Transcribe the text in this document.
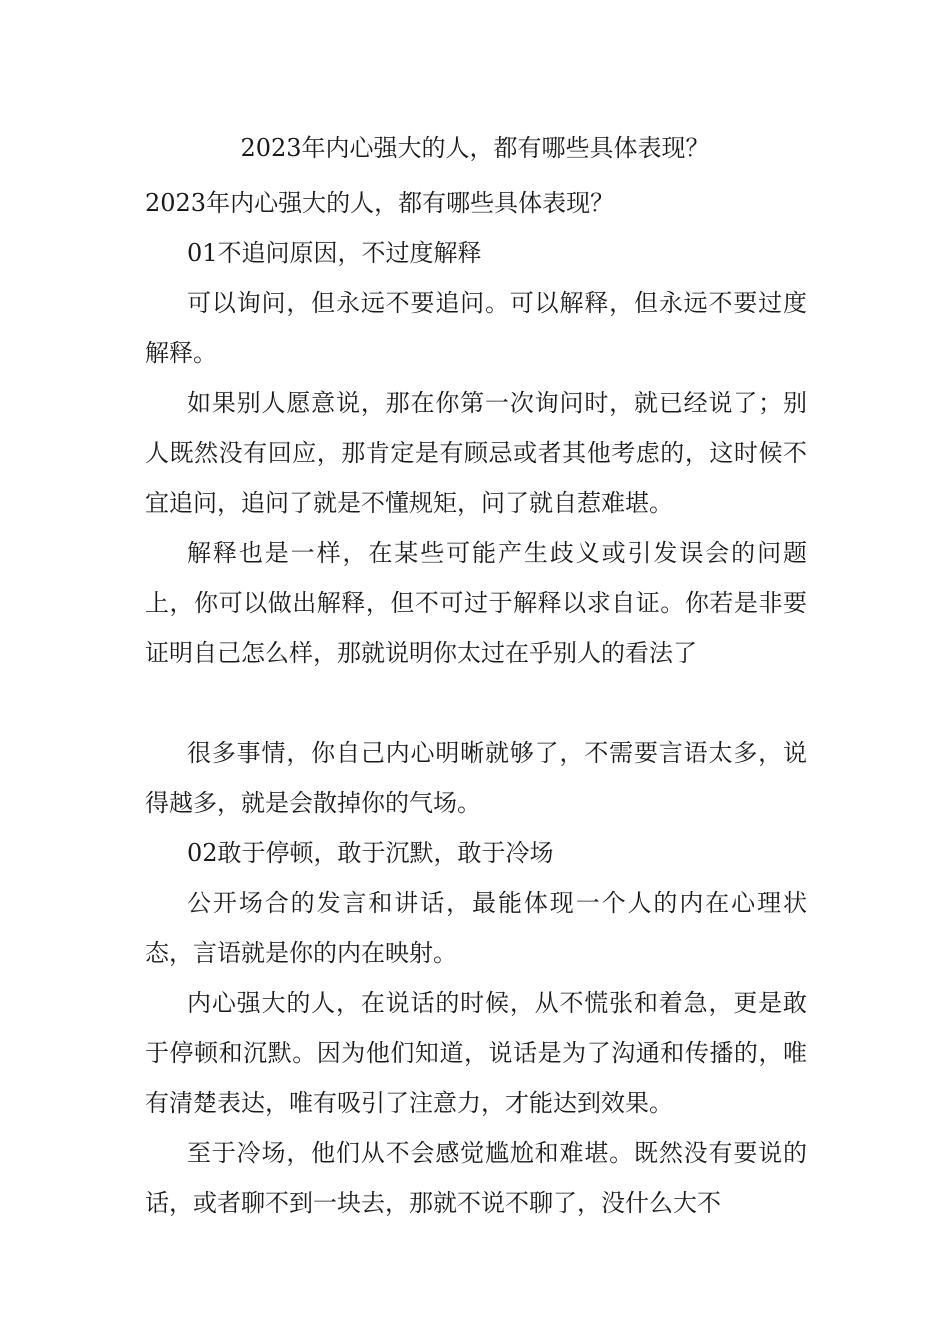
2023年内心强大的人，都有哪些具体表现？

2023年内心强大的人，都有哪些具体表现？

01不追问原因，不过度解释

可以询问，但永远不要追问。可以解释，但永远不要过度解释。

如果别人愿意说，那在你第一次询问时，就已经说了；别人既然没有回应，那肯定是有顾忌或者其他考虑的，这时候不宜追问，追问了就是不懂规矩，问了就自惹难堪。

解释也是一样，在某些可能产生歧义或引发误会的问题上，你可以做出解释，但不可过于解释以求自证。你若是非要证明自己怎么样，那就说明你太过在乎别人的看法了

很多事情，你自己内心明晰就够了，不需要言语太多，说得越多，就是会散掉你的气场。

02敢于停顿，敢于沉默，敢于冷场

公开场合的发言和讲话，最能体现一个人的内在心理状态，言语就是你的内在映射。

内心强大的人，在说话的时候，从不慌张和着急，更是敢于停顿和沉默。因为他们知道，说话是为了沟通和传播的，唯有清楚表达，唯有吸引了注意力，才能达到效果。

至于冷场，他们从不会感觉尴尬和难堪。既然没有要说的话，或者聊不到一块去，那就不说不聊了，没什么大不
